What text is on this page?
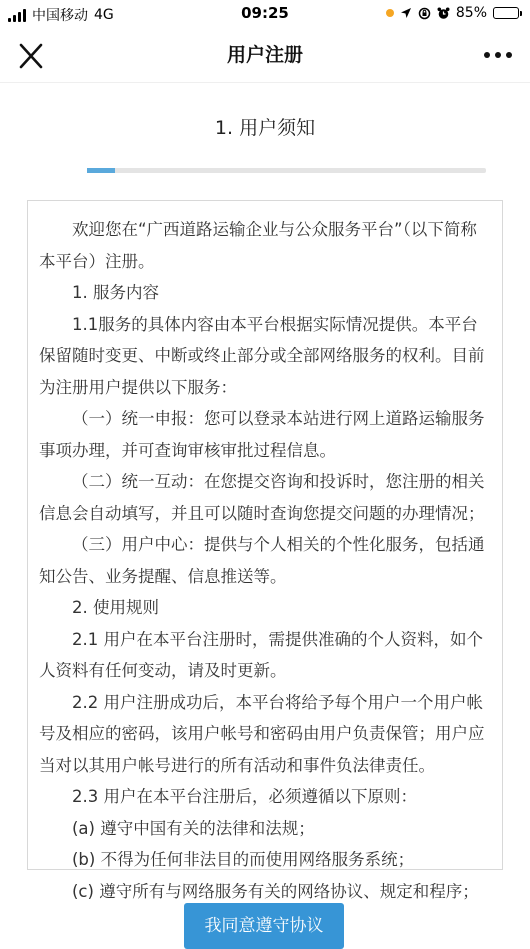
中国移动 4G	09:25	85%
用户注册
1. 用户须知

欢迎您在“广西道路运输企业与公众服务平台”（以下简称本平台）注册。

1. 服务内容

1.1服务的具体内容由本平台根据实际情况提供。本平台保留随时变更、中断或终止部分或全部网络服务的权利。目前为注册用户提供以下服务：

（一）统一申报：您可以登录本站进行网上道路运输服务事项办理，并可查询审核审批过程信息。

（二）统一互动：在您提交咨询和投诉时，您注册的相关信息会自动填写，并且可以随时查询您提交问题的办理情况；

（三）用户中心：提供与个人相关的个性化服务，包括通知公告、业务提醒、信息推送等。

2. 使用规则

2.1 用户在本平台注册时，需提供准确的个人资料，如个人资料有任何变动，请及时更新。

2.2 用户注册成功后，本平台将给予每个用户一个用户帐号及相应的密码，该用户帐号和密码由用户负责保管；用户应当对以其用户帐号进行的所有活动和事件负法律责任。

2.3 用户在本平台注册后，必须遵循以下原则：

(a) 遵守中国有关的法律和法规；

(b) 不得为任何非法目的而使用网络服务系统；

(c) 遵守所有与网络服务有关的网络协议、规定和程序；

我同意遵守协议
